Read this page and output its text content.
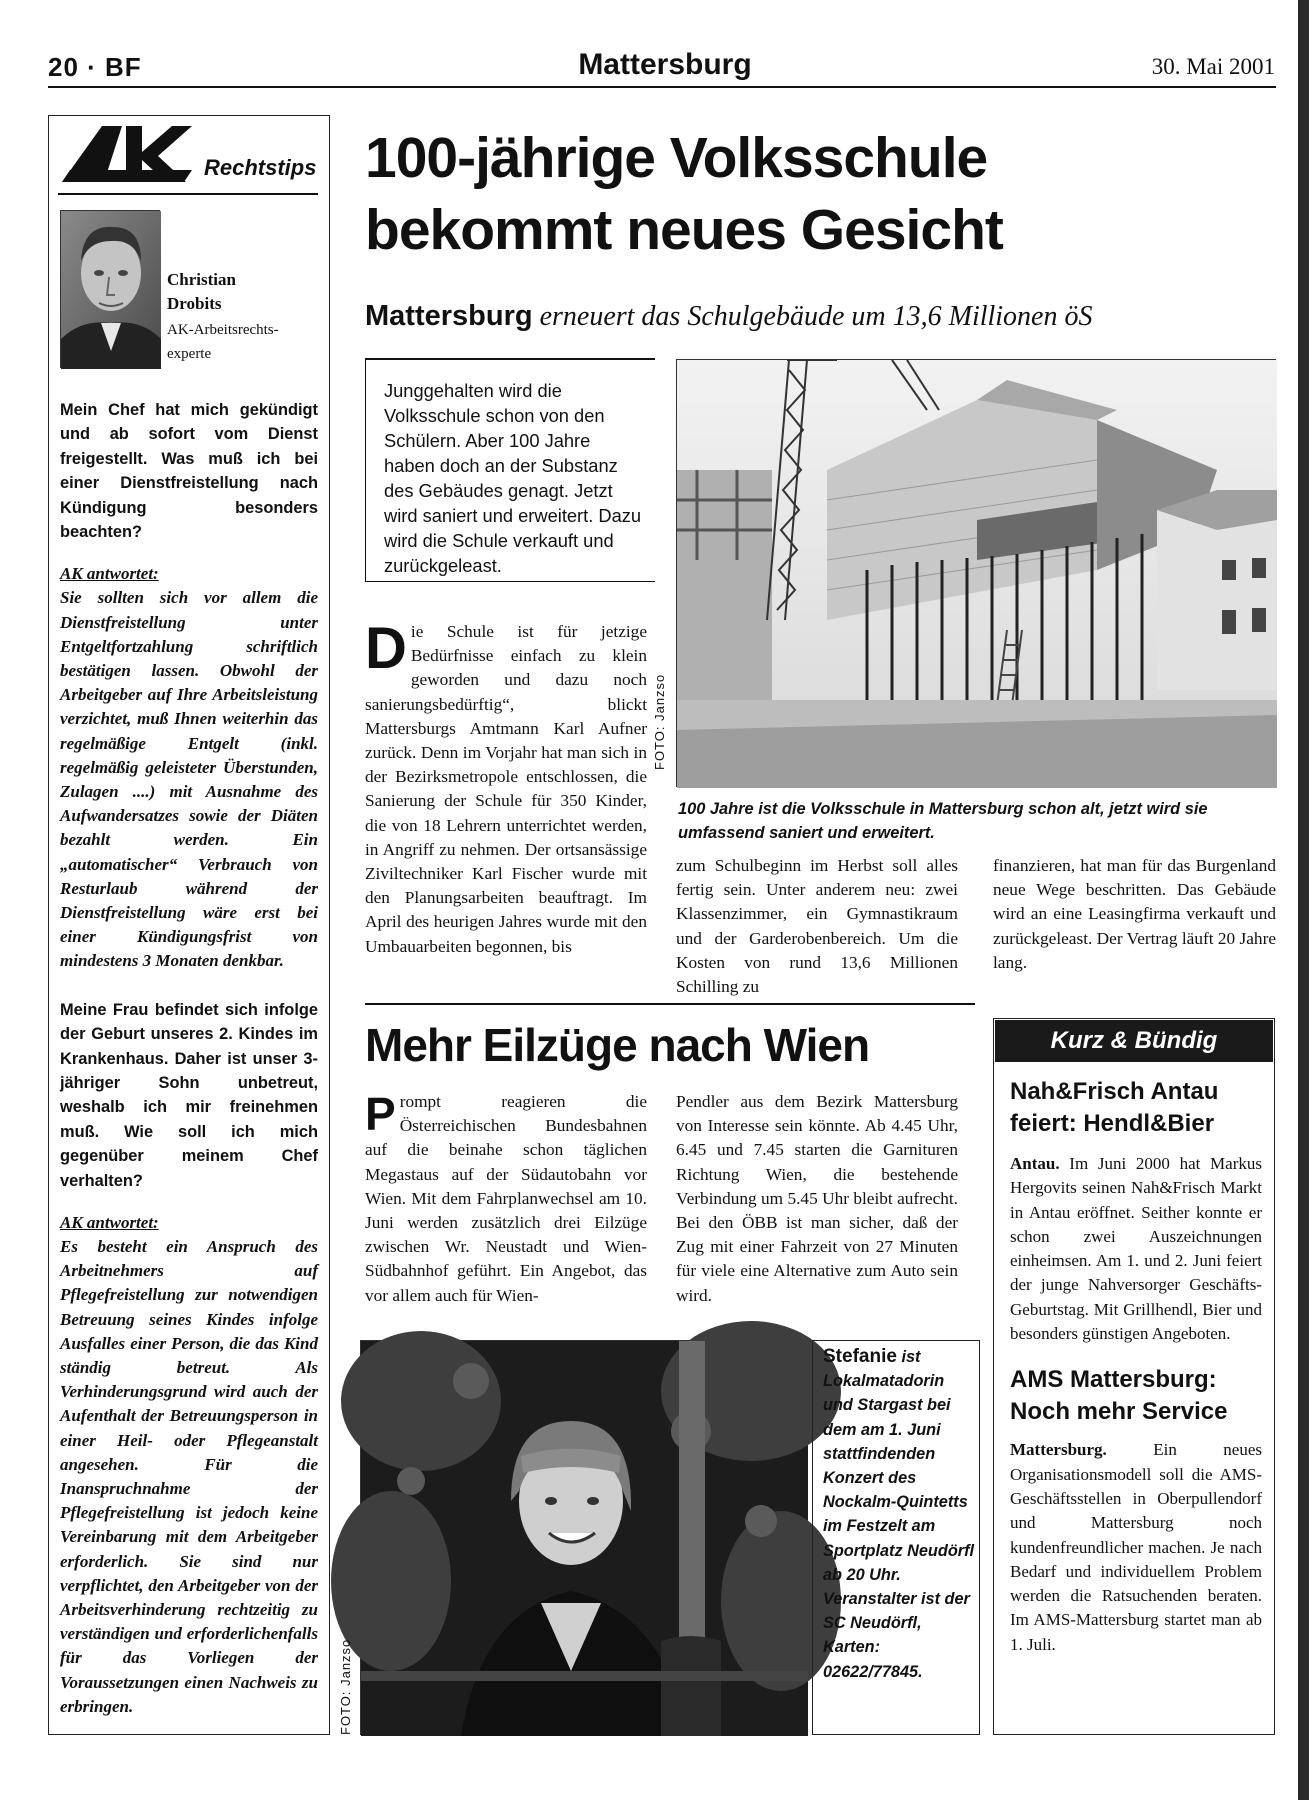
20 · BF	Mattersburg	30. Mai 2001
AK
Rechtstips
Christian
Drobits
AK-Arbeitsrechts-
experte

Mein Chef hat mich gekündigt und ab sofort vom Dienst freigestellt. Was muß ich bei einer Dienstfreistellung nach Kündigung besonders beachten?

AK antwortet:

Sie sollten sich vor allem die Dienstfreistellung unter Entgeltfortzahlung schriftlich bestätigen lassen. Obwohl der Arbeitgeber auf Ihre Arbeitsleistung verzichtet, muß Ihnen weiterhin das regelmäßige Entgelt (inkl. regelmäßig geleisteter Überstunden, Zulagen ....) mit Ausnahme des Aufwandersatzes sowie der Diäten bezahlt werden. Ein „automatischer“ Verbrauch von Resturlaub während der Dienstfreistellung wäre erst bei einer Kündigungsfrist von mindestens 3 Monaten denkbar.

Meine Frau befindet sich infolge der Geburt unseres 2. Kindes im Krankenhaus. Daher ist unser 3-jähriger Sohn unbetreut, weshalb ich mir freinehmen muß. Wie soll ich mich gegenüber meinem Chef verhalten?

AK antwortet:

Es besteht ein Anspruch des Arbeitnehmers auf Pflegefreistellung zur notwendigen Betreuung seines Kindes infolge Ausfalles einer Person, die das Kind ständig betreut. Als Verhinderungsgrund wird auch der Aufenthalt der Betreuungsperson in einer Heil- oder Pflegeanstalt angesehen. Für die Inanspruchnahme der Pflegefreistellung ist jedoch keine Vereinbarung mit dem Arbeitgeber erforderlich. Sie sind nur verpflichtet, den Arbeitgeber von der Arbeitsverhinderung rechtzeitig zu verständigen und erforderlichenfalls für das Vorliegen der Voraussetzungen einen Nachweis zu erbringen.

100-jährige Volksschule
bekommt neues Gesicht
Mattersburg erneuert das Schulgebäude um 13,6 Millionen öS
Junggehalten wird die Volksschule schon von den Schülern. Aber 100 Jahre haben doch an der Substanz des Gebäudes genagt. Jetzt wird saniert und erweitert. Dazu wird die Schule verkauft und zurückgeleast.
FOTO: Janzso
100 Jahre ist die Volksschule in Mattersburg schon alt, jetzt wird sie umfassend saniert und erweitert.
Die Schule ist für jetzige Bedürfnisse einfach zu klein geworden und dazu noch sanierungsbedürftig“, blickt Mattersburgs Amtmann Karl Aufner zurück. Denn im Vorjahr hat man sich in der Bezirksmetropole entschlossen, die Sanierung der Schule für 350 Kinder, die von 18 Lehrern unterrichtet werden, in Angriff zu nehmen. Der ortsansässige Ziviltechniker Karl Fischer wurde mit den Planungsarbeiten beauftragt. Im April des heurigen Jahres wurde mit den Umbauarbeiten begonnen, bis
zum Schulbeginn im Herbst soll alles fertig sein. Unter anderem neu: zwei Klassenzimmer, ein Gymnastikraum und der Garderobenbereich. Um die Kosten von rund 13,6 Millionen Schilling zu
finanzieren, hat man für das Burgenland neue Wege beschritten. Das Gebäude wird an eine Leasingfirma verkauft und zurückgeleast. Der Vertrag läuft 20 Jahre lang.
Mehr Eilzüge nach Wien
Prompt reagieren die Österreichischen Bundesbahnen auf die beinahe schon täglichen Megastaus auf der Südautobahn vor Wien. Mit dem Fahrplanwechsel am 10. Juni werden zusätzlich drei Eilzüge zwischen Wr. Neustadt und Wien-Südbahnhof geführt. Ein Angebot, das vor allem auch für Wien-
Pendler aus dem Bezirk Mattersburg von Interesse sein könnte. Ab 4.45 Uhr, 6.45 und 7.45 starten die Garnituren Richtung Wien, die bestehende Verbindung um 5.45 Uhr bleibt aufrecht. Bei den ÖBB ist man sicher, daß der Zug mit einer Fahrzeit von 27 Minuten für viele eine Alternative zum Auto sein wird.
FOTO: Janzso
Stefanie ist Lokalmatadorin und Stargast bei dem am 1. Juni stattfindenden Konzert des Nockalm-Quintetts im Festzelt am Sportplatz Neudörfl ab 20 Uhr. Veranstalter ist der SC Neudörfl, Karten: 02622/77845.
Kurz & Bündig
Nah&Frisch Antau feiert: Hendl&Bier

Antau. Im Juni 2000 hat Markus Hergovits seinen Nah&Frisch Markt in Antau eröffnet. Seither konnte er schon zwei Auszeichnungen einheimsen. Am 1. und 2. Juni feiert der junge Nahversorger Geschäfts-Geburtstag. Mit Grillhendl, Bier und besonders günstigen Angeboten.

AMS Mattersburg: Noch mehr Service

Mattersburg. Ein neues Organisationsmodell soll die AMS-Geschäftsstellen in Oberpullendorf und Mattersburg noch kundenfreundlicher machen. Je nach Bedarf und individuellem Problem werden die Ratsuchenden beraten. Im AMS-Mattersburg startet man ab 1. Juli.
